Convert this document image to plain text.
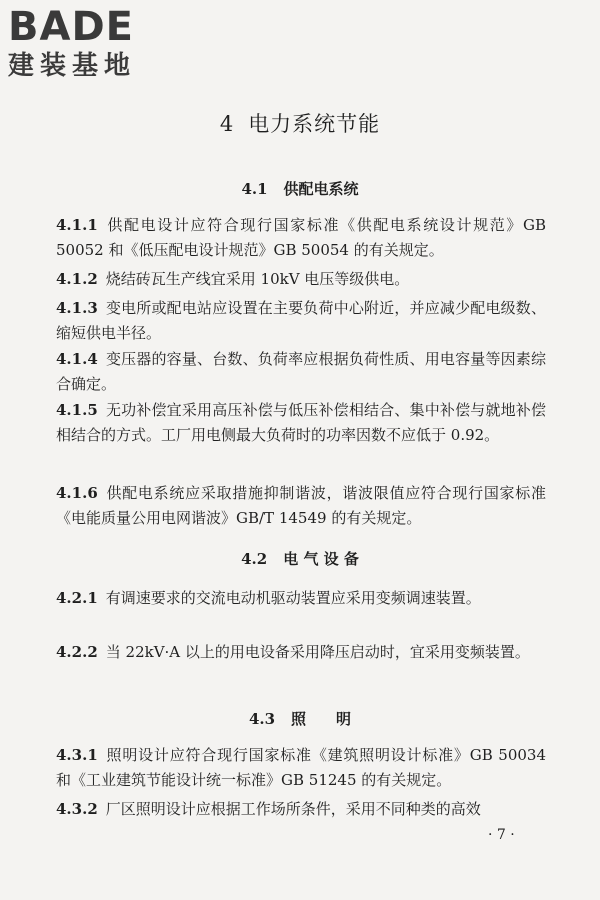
BADE
建装基地
4 电力系统节能
4.1 供配电系统
4.1.1 供配电设计应符合现行国家标准《供配电系统设计规范》GB 50052 和《低压配电设计规范》GB 50054 的有关规定。
4.1.2 烧结砖瓦生产线宜采用 10kV 电压等级供电。
4.1.3 变电所或配电站应设置在主要负荷中心附近，并应减少配电级数、缩短供电半径。
4.1.4 变压器的容量、台数、负荷率应根据负荷性质、用电容量等因素综合确定。
4.1.5 无功补偿宜采用高压补偿与低压补偿相结合、集中补偿与就地补偿相结合的方式。工厂用电侧最大负荷时的功率因数不应低于 0.92。
4.1.6 供配电系统应采取措施抑制谐波，谐波限值应符合现行国家标准《电能质量公用电网谐波》GB/T 14549 的有关规定。
4.2 电 气 设 备
4.2.1 有调速要求的交流电动机驱动装置应采用变频调速装置。
4.2.2 当 22kV·A 以上的用电设备采用降压启动时，宜采用变频装置。
4.3 照　　明
4.3.1 照明设计应符合现行国家标准《建筑照明设计标准》GB 50034 和《工业建筑节能设计统一标准》GB 51245 的有关规定。
4.3.2 厂区照明设计应根据工作场所条件，采用不同种类的高效
· 7 ·
